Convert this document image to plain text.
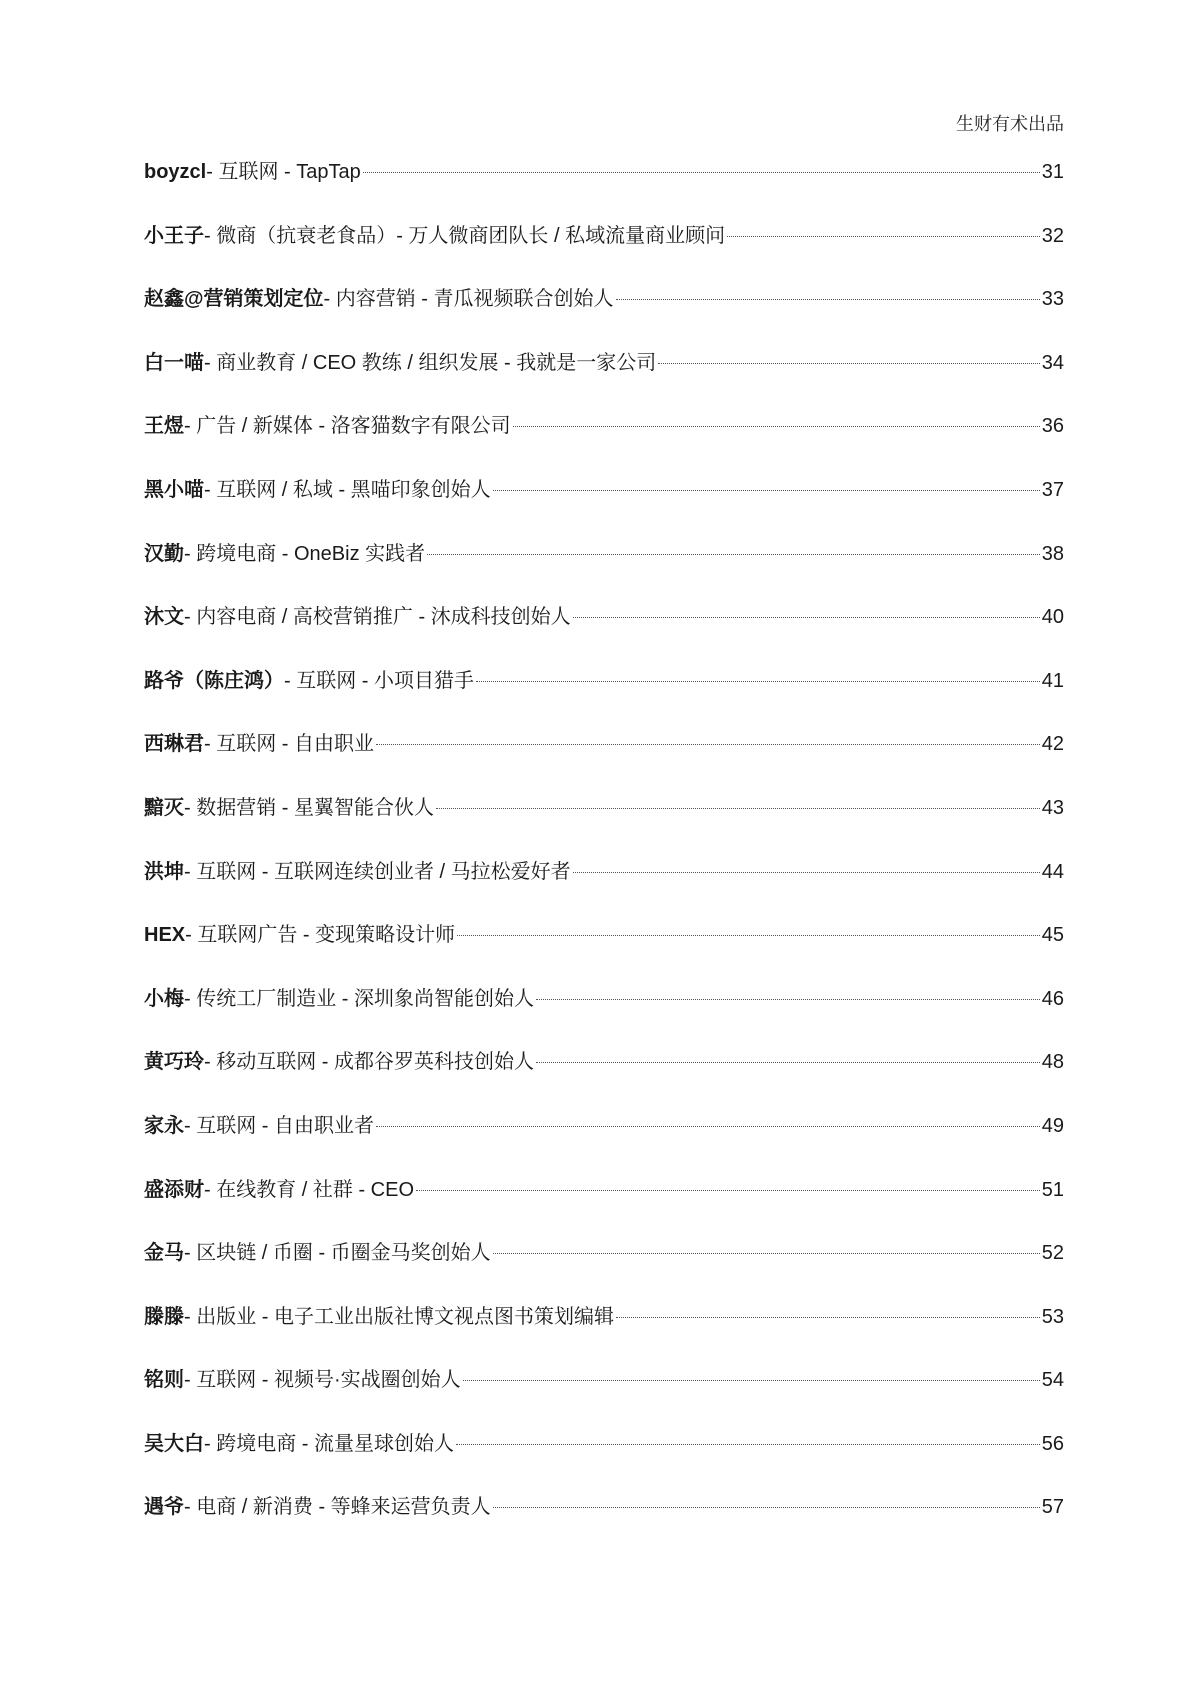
生财有术出品
boyzcl - 互联网 - TapTap	31
小王子 - 微商（抗衰老食品）- 万人微商团队长 / 私域流量商业顾问	32
赵鑫@营销策划定位 - 内容营销 - 青瓜视频联合创始人	33
白一喵 - 商业教育 / CEO 教练 / 组织发展 - 我就是一家公司	34
王煜 - 广告 / 新媒体 - 洛客猫数字有限公司	36
黑小喵 - 互联网 / 私域 - 黑喵印象创始人	37
汉勤 - 跨境电商 - OneBiz 实践者	38
沐文 - 内容电商 / 高校营销推广 - 沐成科技创始人	40
路爷（陈庄鸿） - 互联网 - 小项目猎手	41
西琳君 - 互联网 - 自由职业	42
黯灭 - 数据营销 - 星翼智能合伙人	43
洪坤 - 互联网 - 互联网连续创业者 / 马拉松爱好者	44
HEX - 互联网广告 - 变现策略设计师	45
小梅 - 传统工厂制造业 - 深圳象尚智能创始人	46
黄巧玲 - 移动互联网 - 成都谷罗英科技创始人	48
家永 - 互联网 - 自由职业者	49
盛添财 - 在线教育 / 社群 - CEO	51
金马 - 区块链 / 币圈 - 币圈金马奖创始人	52
滕滕 - 出版业 - 电子工业出版社博文视点图书策划编辑	53
铭则 - 互联网 - 视频号·实战圈创始人	54
吴大白 - 跨境电商 - 流量星球创始人	56
遇爷 - 电商 / 新消费 - 等蜂来运营负责人	57
